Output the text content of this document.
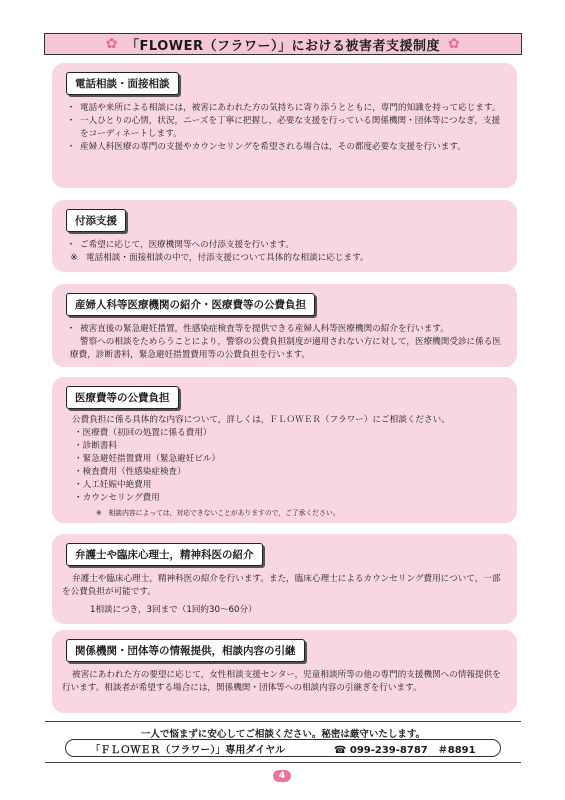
✿ 「FLOWER（フラワー）」における被害者支援制度 ✿
電話相談・面接相談
・ 電話や来所による相談には，被害にあわれた方の気持ちに寄り添うとともに，専門的知識を持って応じます。
・ 一人ひとりの心情，状況，ニーズを丁寧に把握し，必要な支援を行っている関係機関・団体等につなぎ，支援をコーディネートします。
・ 産婦人科医療の専門の支援やカウンセリングを希望される場合は，その都度必要な支援を行います。
付添支援
・ ご希望に応じて，医療機関等への付添支援を行います。
※ 電話相談・面接相談の中で，付添支援について具体的な相談に応じます。
産婦人科等医療機関の紹介・医療費等の公費負担
・ 被害直後の緊急避妊措置，性感染症検査等を提供できる産婦人科等医療機関の紹介を行います。
警察への相談をためらうことにより，警察の公費負担制度が適用されない方に対して，医療機関受診に係る医療費，診断書料，緊急避妊措置費用等の公費負担を行います。
医療費等の公費負担
公費負担に係る具体的な内容について，詳しくは，ＦＬＯＷＥＲ（フラワー）にご相談ください。
・医療費（初回の処置に係る費用）
・診断書料
・緊急避妊措置費用（緊急避妊ピル）
・検査費用（性感染症検査）
・人工妊娠中絶費用
・カウンセリング費用
※　相談内容によっては，対応できないことがありますので，ご了承ください。
弁護士や臨床心理士，精神科医の紹介
弁護士や臨床心理士，精神科医の紹介を行います。また，臨床心理士によるカウンセリング費用について，一部を公費負担が可能です。
1相談につき，3回まで（1回約30〜60分）
関係機関・団体等の情報提供，相談内容の引継
被害にあわれた方の要望に応じて，女性相談支援センター，児童相談所等の他の専門的支援機関への情報提供を行います。相談者が希望する場合には，関係機関・団体等への相談内容の引継ぎを行います。
一人で悩まずに安心してご相談ください。秘密は厳守いたします。
「ＦＬＯＷＥＲ（フラワー）」専用ダイヤル	☎ 099-239-8787　＃8891
4
